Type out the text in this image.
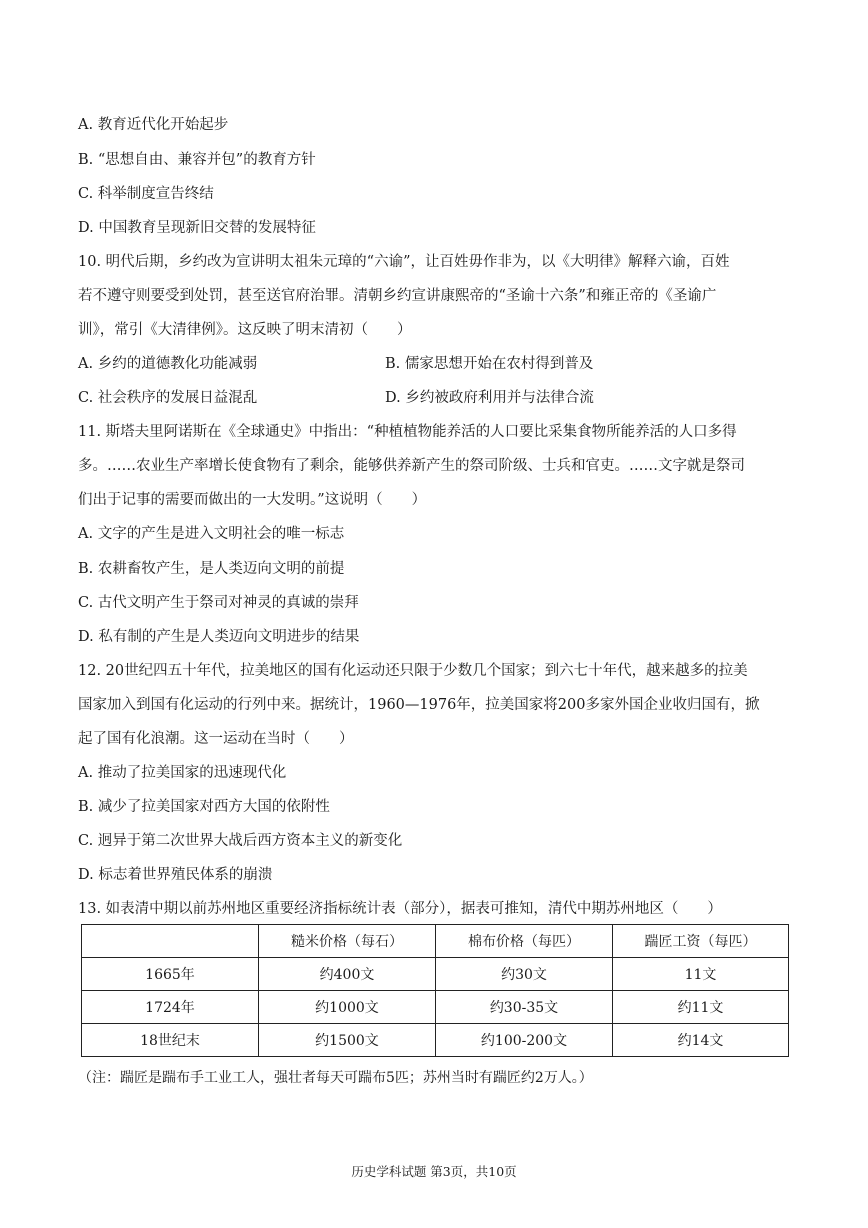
A. 教育近代化开始起步
B. “思想自由、兼容并包”的教育方针
C. 科举制度宣告终结
D. 中国教育呈现新旧交替的发展特征
10. 明代后期，乡约改为宣讲明太祖朱元璋的“六谕”，让百姓毋作非为，以《大明律》解释六谕，百姓
若不遵守则要受到处罚，甚至送官府治罪。清朝乡约宣讲康熙帝的“圣谕十六条”和雍正帝的《圣谕广
训》，常引《大清律例》。这反映了明末清初（　　）
A. 乡约的道德教化功能减弱	B. 儒家思想开始在农村得到普及
C. 社会秩序的发展日益混乱	D. 乡约被政府利用并与法律合流
11. 斯塔夫里阿诺斯在《全球通史》中指出：“种植植物能养活的人口要比采集食物所能养活的人口多得
多。……农业生产率增长使食物有了剩余，能够供养新产生的祭司阶级、士兵和官吏。……文字就是祭司
们出于记事的需要而做出的一大发明。”这说明（　　）
A. 文字的产生是进入文明社会的唯一标志
B. 农耕畜牧产生，是人类迈向文明的前提
C. 古代文明产生于祭司对神灵的真诚的崇拜
D. 私有制的产生是人类迈向文明进步的结果
12. 20世纪四五十年代，拉美地区的国有化运动还只限于少数几个国家；到六七十年代，越来越多的拉美
国家加入到国有化运动的行列中来。据统计，1960—1976年，拉美国家将200多家外国企业收归国有，掀
起了国有化浪潮。这一运动在当时（　　）
A. 推动了拉美国家的迅速现代化
B. 减少了拉美国家对西方大国的依附性
C. 迥异于第二次世界大战后西方资本主义的新变化
D. 标志着世界殖民体系的崩溃
13. 如表清中期以前苏州地区重要经济指标统计表（部分），据表可推知，清代中期苏州地区（　　）
	糙米价格（每石）	棉布价格（每匹）	踹匠工资（每匹）
1665年	约400文	约30文	11文
1724年	约1000文	约30-35文	约11文
18世纪末	约1500文	约100-200文	约14文
（注：踹匠是踹布手工业工人，强壮者每天可踹布5匹；苏州当时有踹匠约2万人。）
历史学科试题 第3页，共10页
